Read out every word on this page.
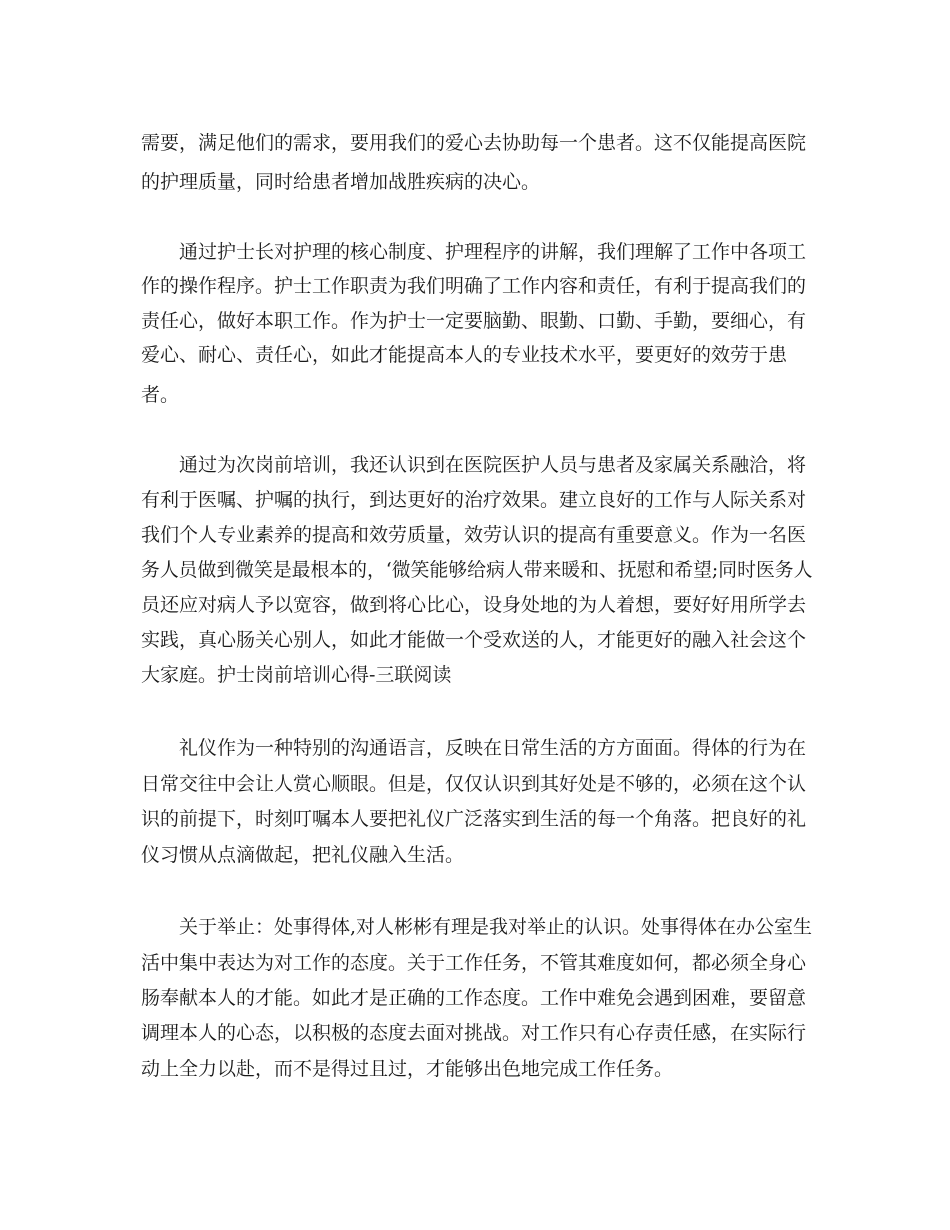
需要，满足他们的需求，要用我们的爱心去协助每一个患者。这不仅能提高医院

的护理质量，同时给患者增加战胜疾病的决心。

通过护士长对护理的核心制度、护理程序的讲解，我们理解了工作中各项工

作的操作程序。护士工作职责为我们明确了工作内容和责任，有利于提高我们的

责任心，做好本职工作。作为护士一定要脑勤、眼勤、口勤、手勤，要细心，有

爱心、耐心、责任心，如此才能提高本人的专业技术水平，要更好的效劳于患

者。

通过为次岗前培训，我还认识到在医院医护人员与患者及家属关系融洽，将

有利于医嘱、护嘱的执行，到达更好的治疗效果。建立良好的工作与人际关系对

我们个人专业素养的提高和效劳质量，效劳认识的提高有重要意义。作为一名医

务人员做到微笑是最根本的，‘微笑能够给病人带来暖和、抚慰和希望;同时医务人

员还应对病人予以宽容，做到将心比心，设身处地的为人着想，要好好用所学去

实践，真心肠关心别人，如此才能做一个受欢送的人，才能更好的融入社会这个

大家庭。护士岗前培训心得-三联阅读

礼仪作为一种特别的沟通语言，反映在日常生活的方方面面。得体的行为在

日常交往中会让人赏心顺眼。但是，仅仅认识到其好处是不够的，必须在这个认

识的前提下，时刻叮嘱本人要把礼仪广泛落实到生活的每一个角落。把良好的礼

仪习惯从点滴做起，把礼仪融入生活。

关于举止：处事得体,对人彬彬有理是我对举止的认识。处事得体在办公室生

活中集中表达为对工作的态度。关于工作任务，不管其难度如何，都必须全身心

肠奉献本人的才能。如此才是正确的工作态度。工作中难免会遇到困难，要留意

调理本人的心态，以积极的态度去面对挑战。对工作只有心存责任感，在实际行

动上全力以赴，而不是得过且过，才能够出色地完成工作任务。
